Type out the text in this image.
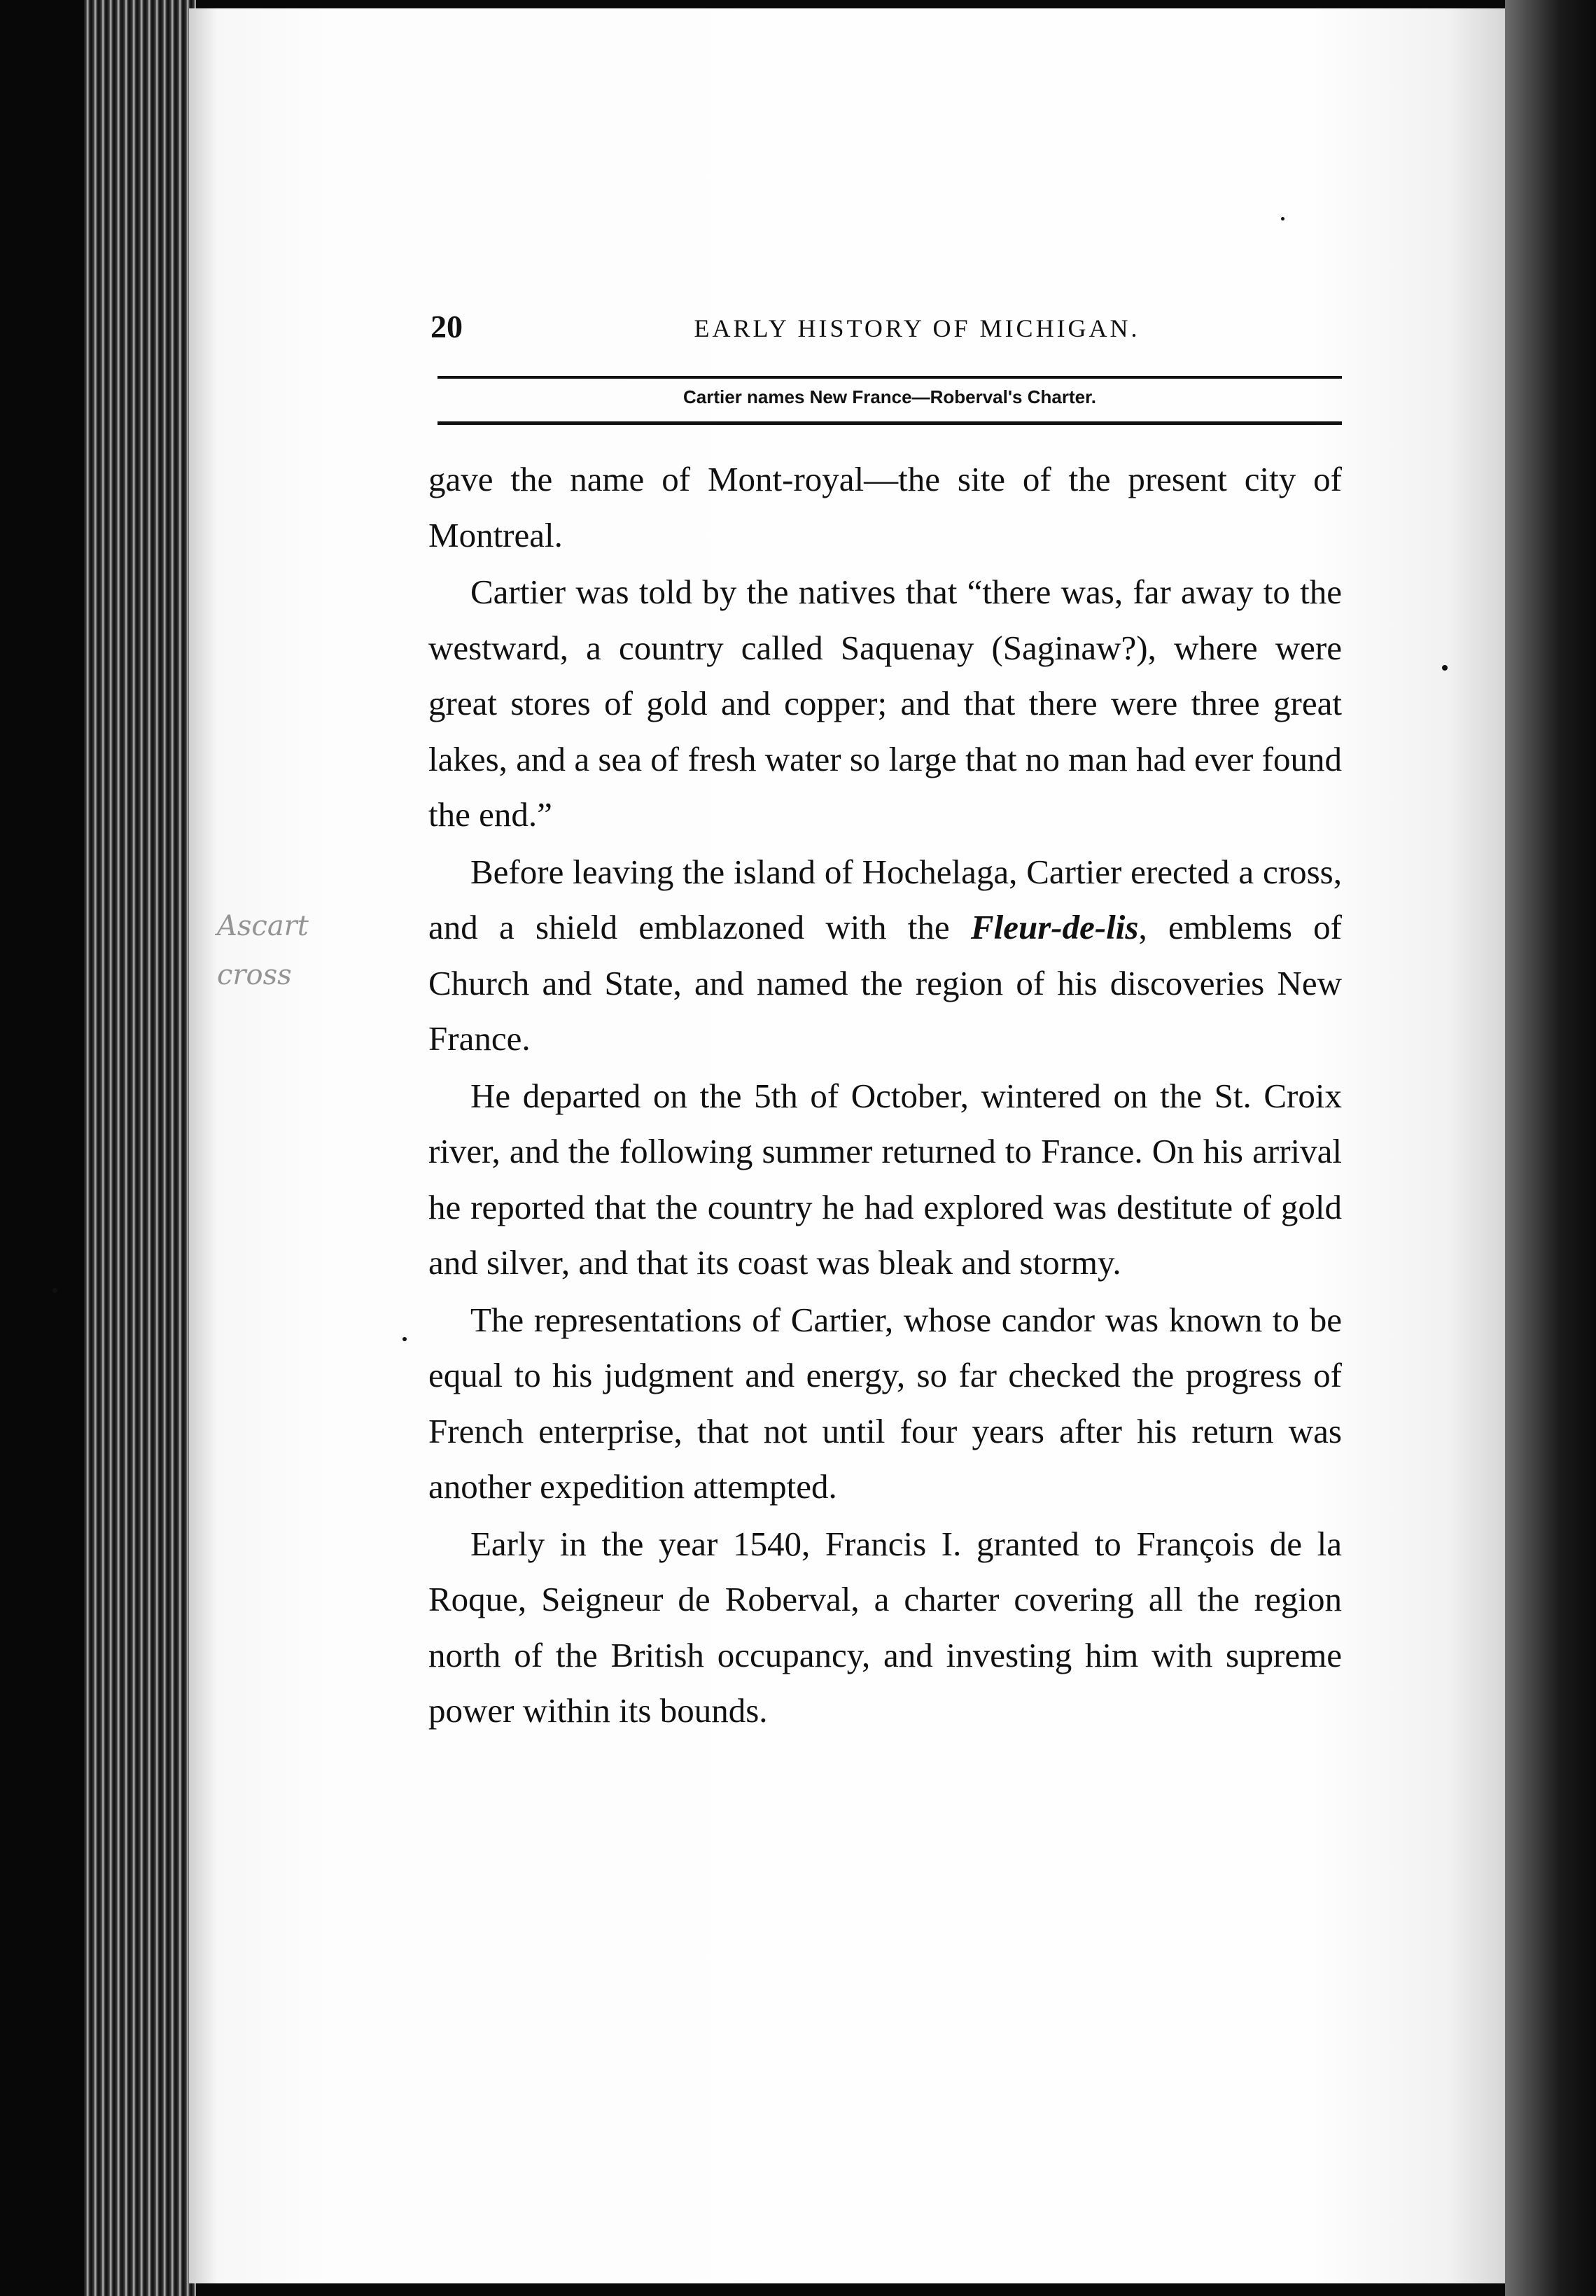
20	EARLY HISTORY OF MICHIGAN.
Cartier names New France—Roberval's Charter.
Ascart
cross

gave the name of Mont-royal—the site of the present city of Montreal.

Cartier was told by the natives that “there was, far away to the westward, a country called Saquenay (Saginaw?), where were great stores of gold and copper; and that there were three great lakes, and a sea of fresh water so large that no man had ever found the end.”

Before leaving the island of Hochelaga, Cartier erected a cross, and a shield emblazoned with the Fleur-de-lis, emblems of Church and State, and named the region of his discoveries New France.

He departed on the 5th of October, wintered on the St. Croix river, and the following summer returned to France. On his arrival he reported that the country he had explored was destitute of gold and silver, and that its coast was bleak and stormy.

The representations of Cartier, whose candor was known to be equal to his judgment and energy, so far checked the progress of French enterprise, that not until four years after his return was another expedition attempted.

Early in the year 1540, Francis I. granted to François de la Roque, Seigneur de Roberval, a charter covering all the region north of the British occupancy, and investing him with supreme power within its bounds.
